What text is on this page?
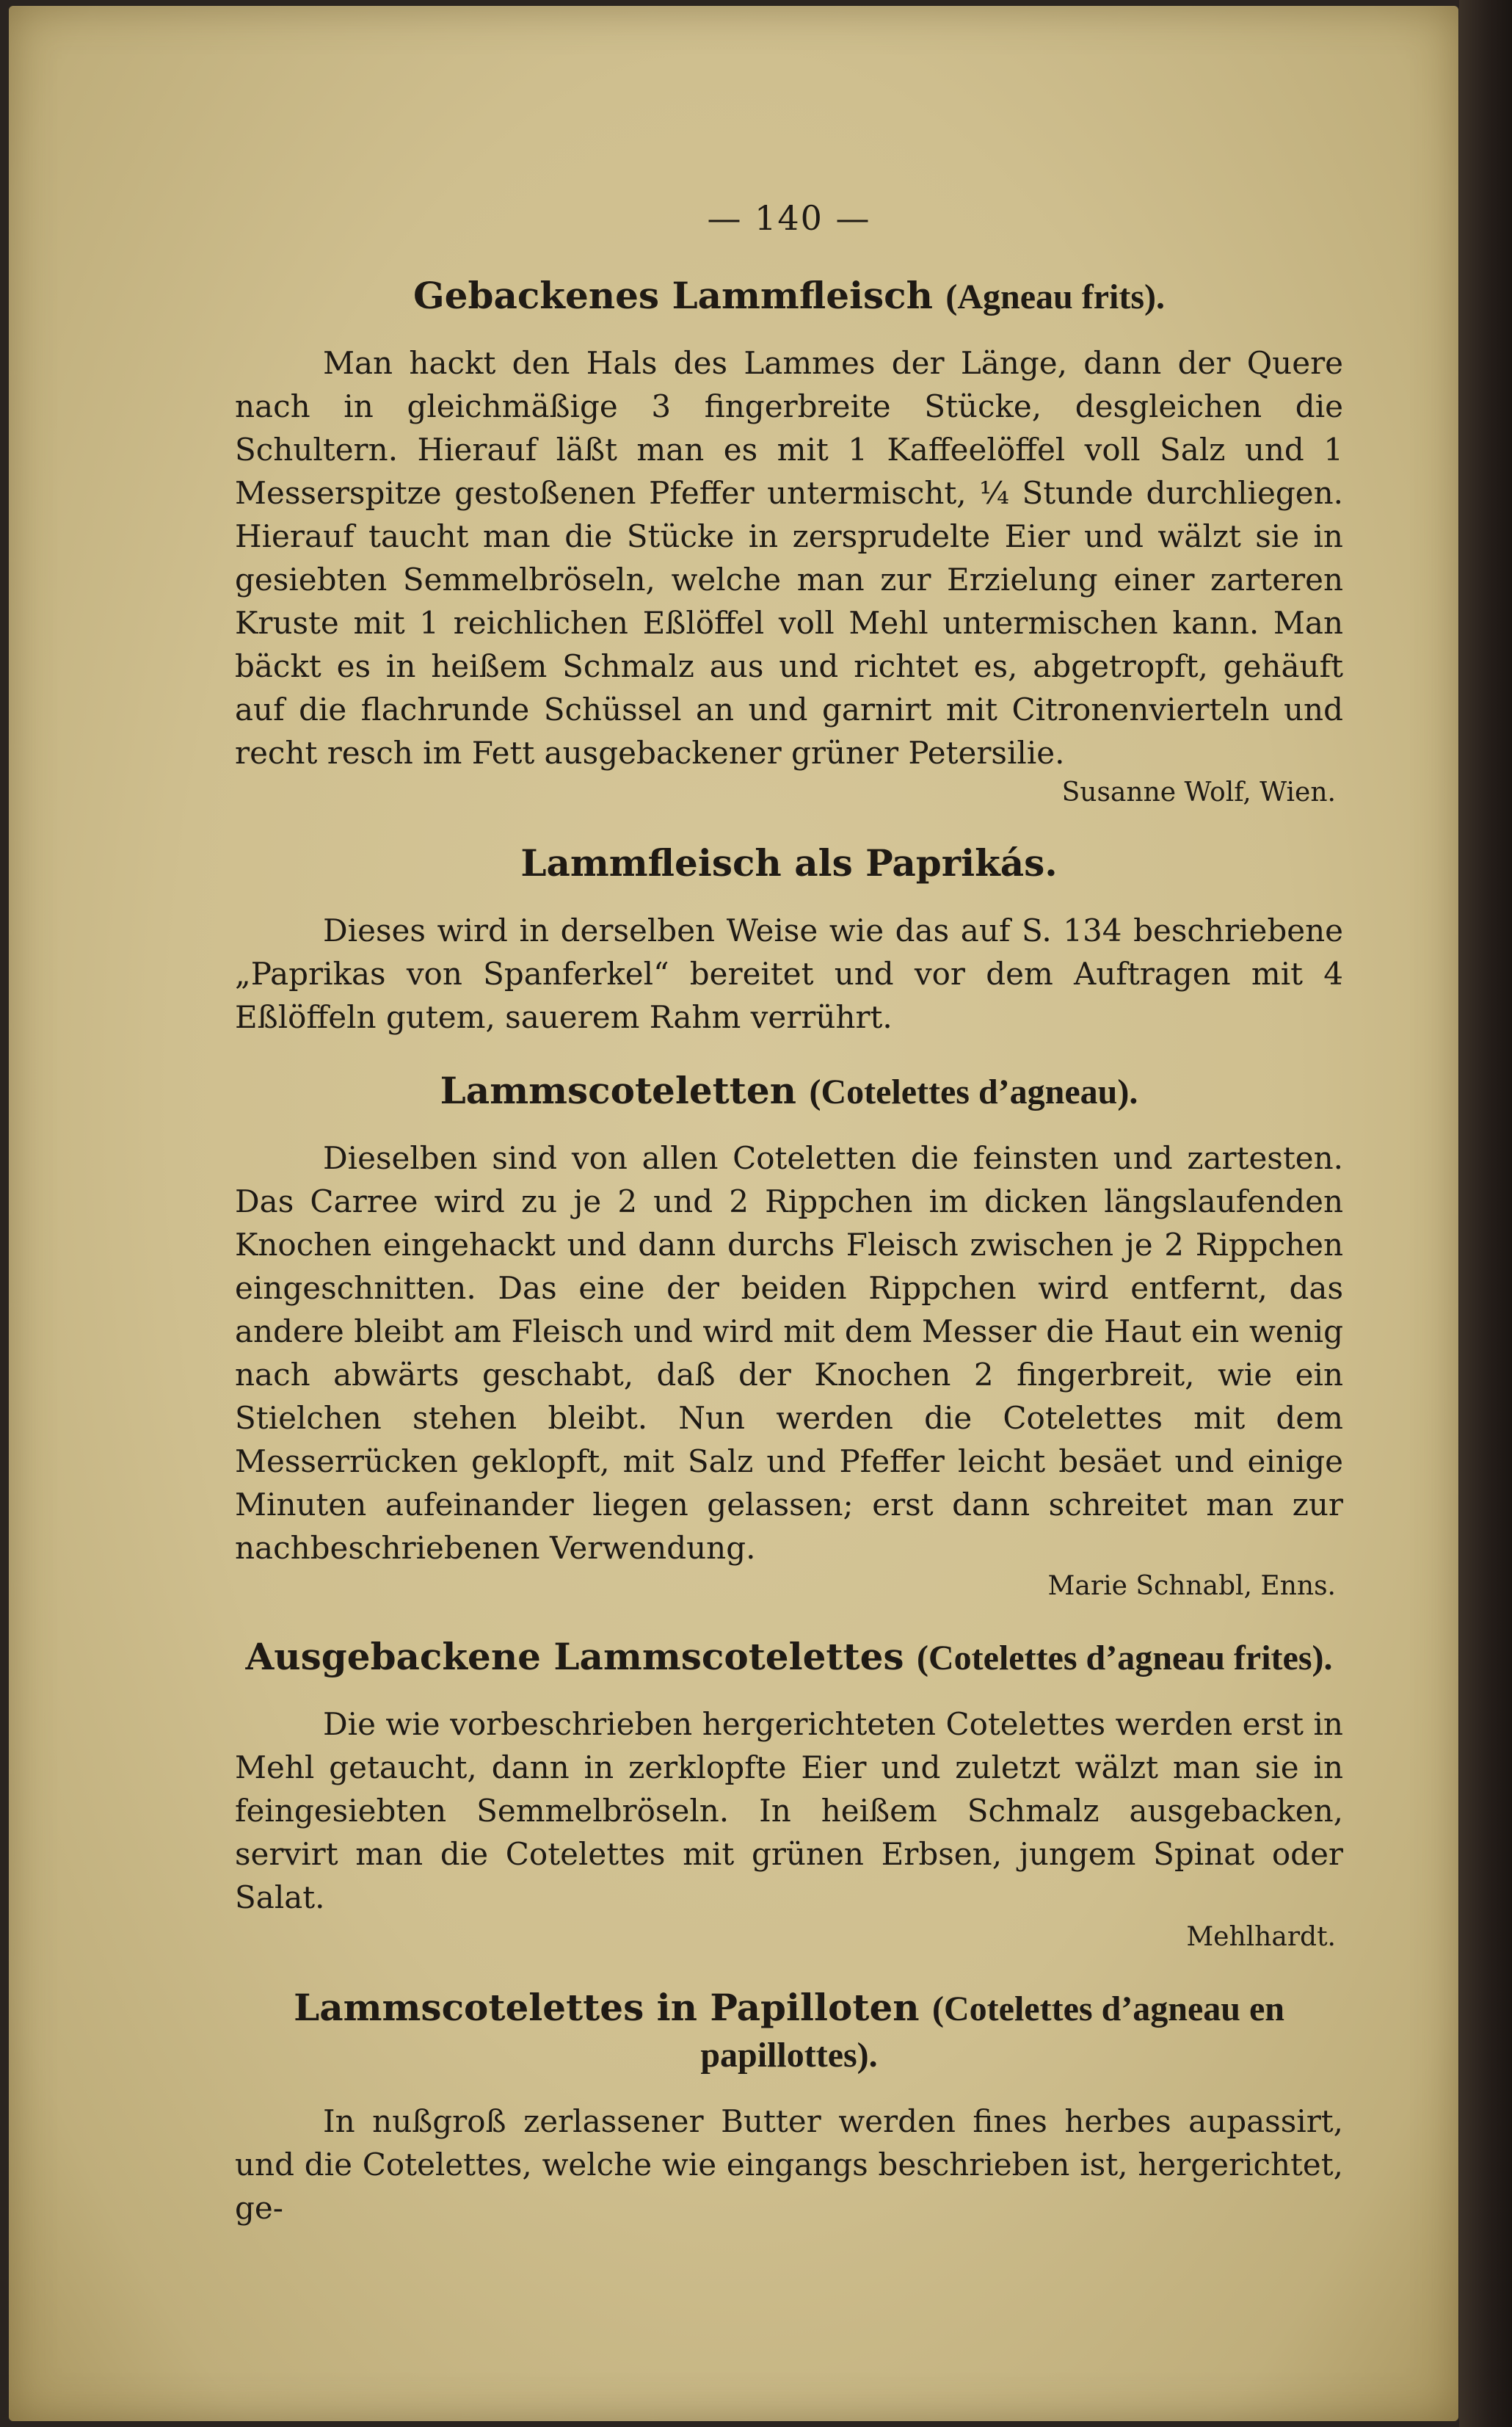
— 140 —
Gebackenes Lammfleisch (Agneau frits).

Man hackt den Hals des Lammes der Länge, dann der Quere nach in gleichmäßige 3 fingerbreite Stücke, desgleichen die Schultern. Hierauf läßt man es mit 1 Kaffeelöffel voll Salz und 1 Messerspitze gestoßenen Pfeffer untermischt, ¼ Stunde durchliegen. Hierauf taucht man die Stücke in zersprudelte Eier und wälzt sie in gesiebten Semmelbröseln, welche man zur Erzielung einer zarteren Kruste mit 1 reichlichen Eßlöffel voll Mehl untermischen kann. Man bäckt es in heißem Schmalz aus und richtet es, abgetropft, gehäuft auf die flachrunde Schüssel an und garnirt mit Citronenvierteln und recht resch im Fett ausgebackener grüner Petersilie.

Susanne Wolf, Wien.
Lammfleisch als Paprikás.

Dieses wird in derselben Weise wie das auf S. 134 beschriebene „Paprikas von Spanferkel“ bereitet und vor dem Auftragen mit 4 Eßlöffeln gutem, sauerem Rahm verrührt.

Lammscoteletten (Cotelettes d’agneau).

Dieselben sind von allen Coteletten die feinsten und zartesten. Das Carree wird zu je 2 und 2 Rippchen im dicken längslaufenden Knochen eingehackt und dann durchs Fleisch zwischen je 2 Rippchen eingeschnitten. Das eine der beiden Rippchen wird entfernt, das andere bleibt am Fleisch und wird mit dem Messer die Haut ein wenig nach abwärts geschabt, daß der Knochen 2 fingerbreit, wie ein Stielchen stehen bleibt. Nun werden die Cotelettes mit dem Messerrücken geklopft, mit Salz und Pfeffer leicht besäet und einige Minuten aufeinander liegen gelassen; erst dann schreitet man zur nachbeschriebenen Verwendung.

Marie Schnabl, Enns.
Ausgebackene Lammscotelettes (Cotelettes d’agneau frites).

Die wie vorbeschrieben hergerichteten Cotelettes werden erst in Mehl getaucht, dann in zerklopfte Eier und zuletzt wälzt man sie in feingesiebten Semmelbröseln. In heißem Schmalz ausgebacken, servirt man die Cotelettes mit grünen Erbsen, jungem Spinat oder Salat.

Mehlhardt.
Lammscotelettes in Papilloten (Cotelettes d’agneau en papillottes).

In nußgroß zerlassener Butter werden fines herbes aupassirt, und die Cotelettes, welche wie eingangs beschrieben ist, hergerichtet, ge-
